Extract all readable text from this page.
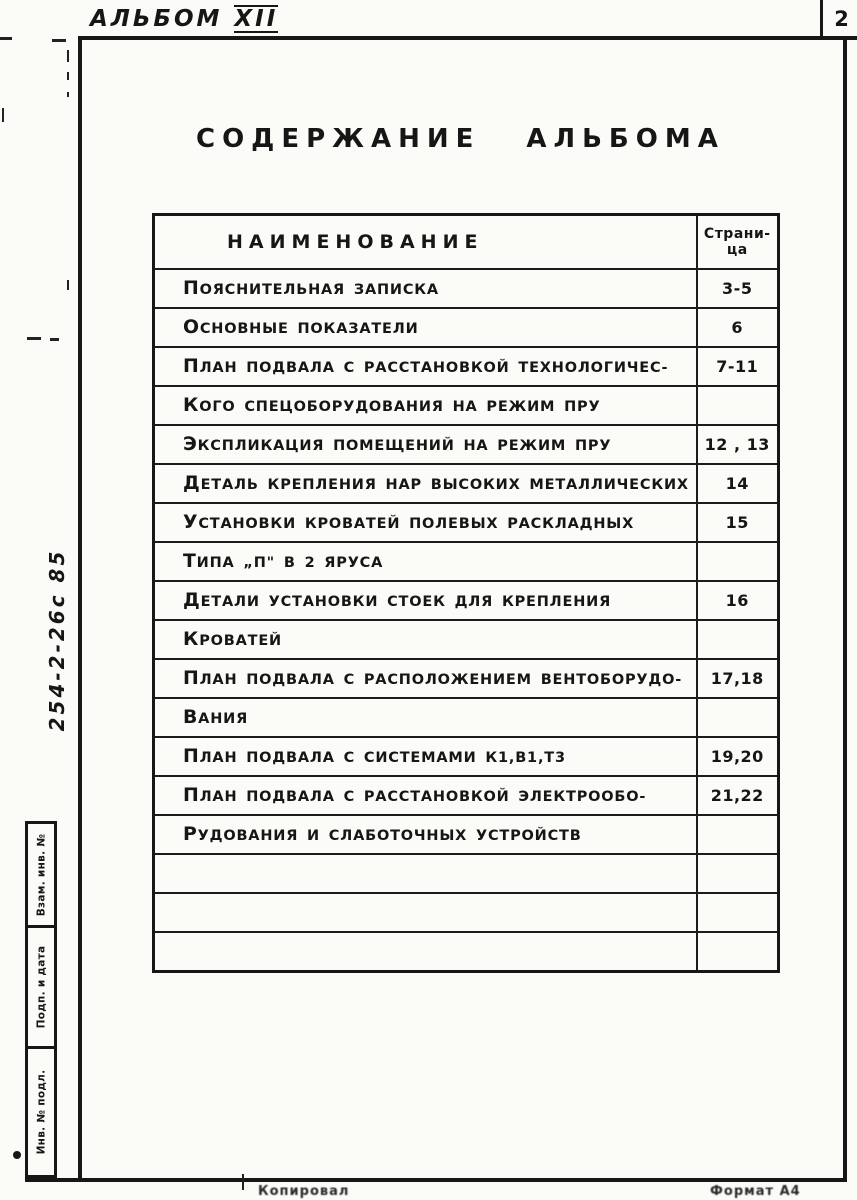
АЛЬБОМ XII	2
СОДЕРЖАНИЕ АЛЬБОМА
НАИМЕНОВАНИЕ	Страни-
ца

ПОЯСНИТЕЛЬНАЯ ЗАПИСКА	3-5

ОСНОВНЫЕ ПОКАЗАТЕЛИ	6

ПЛАН ПОДВАЛА С РАССТАНОВКОЙ ТЕХНОЛОГИЧЕС-	7-11

КОГО СПЕЦОБОРУДОВАНИЯ НА РЕЖИМ ПРУ	

ЭКСПЛИКАЦИЯ ПОМЕЩЕНИЙ НА РЕЖИМ ПРУ	12 , 13

ДЕТАЛЬ КРЕПЛЕНИЯ НАР ВЫСОКИХ МЕТАЛЛИЧЕСКИХ	14

УСТАНОВКИ КРОВАТЕЙ ПОЛЕВЫХ РАСКЛАДНЫХ	15

ТИПА „П" В 2 ЯРУСА	

ДЕТАЛИ УСТАНОВКИ СТОЕК ДЛЯ КРЕПЛЕНИЯ	16

КРОВАТЕЙ	

ПЛАН ПОДВАЛА С РАСПОЛОЖЕНИЕМ ВЕНТОБОРУДО-	17,18

ВАНИЯ	

ПЛАН ПОДВАЛА С СИСТЕМАМИ К1,В1,Т3	19,20

ПЛАН ПОДВАЛА С РАССТАНОВКОЙ ЭЛЕКТРООБО-	21,22

РУДОВАНИЯ И СЛАБОТОЧНЫХ УСТРОЙСТВ	

254-2-26с 85
Взам. инв. №
Подп. и дата
Инв. № подл.
Копировал	Формат А4
